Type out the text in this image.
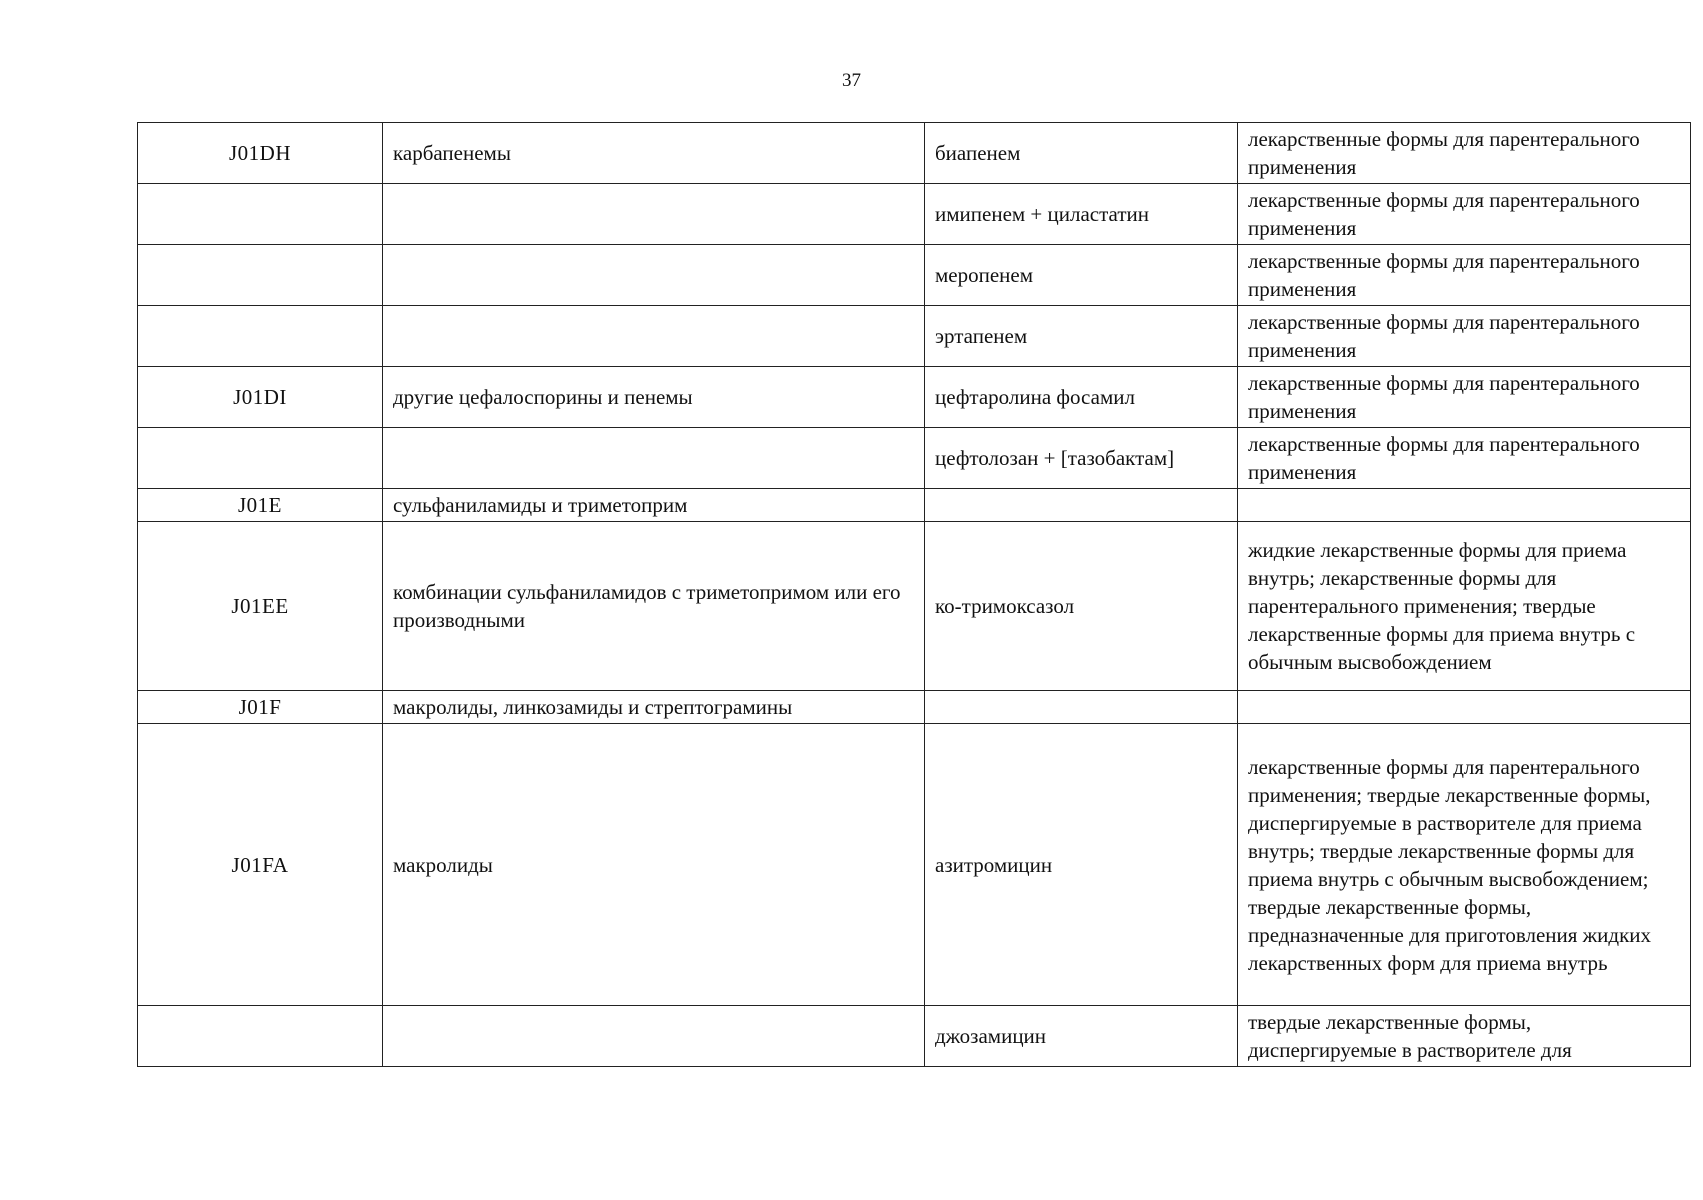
37
J01DH	карбапенемы	биапенем	лекарственные формы для парентерального применения
		имипенем + циластатин	лекарственные формы для парентерального применения
		меропенем	лекарственные формы для парентерального применения
		эртапенем	лекарственные формы для парентерального применения
J01DI	другие цефалоспорины и пенемы	цефтаролина фосамил	лекарственные формы для парентерального применения
		цефтолозан + [тазобактам]	лекарственные формы для парентерального применения
J01E	сульфаниламиды и триметоприм		
J01EE	комбинации сульфаниламидов с триметопримом или его производными	ко-тримоксазол	жидкие лекарственные формы для приема внутрь; лекарственные формы для парентерального применения; твердые лекарственные формы для приема внутрь с обычным высвобождением
J01F	макролиды, линкозамиды и стрептограмины		
J01FA	макролиды	азитромицин	лекарственные формы для парентерального применения; твердые лекарственные формы, диспергируемые в растворителе для приема внутрь; твердые лекарственные формы для приема внутрь с обычным высвобождением; твердые лекарственные формы, предназначенные для приготовления жидких лекарственных форм для приема внутрь
		джозамицин	твердые лекарственные формы, диспергируемые в растворителе для
